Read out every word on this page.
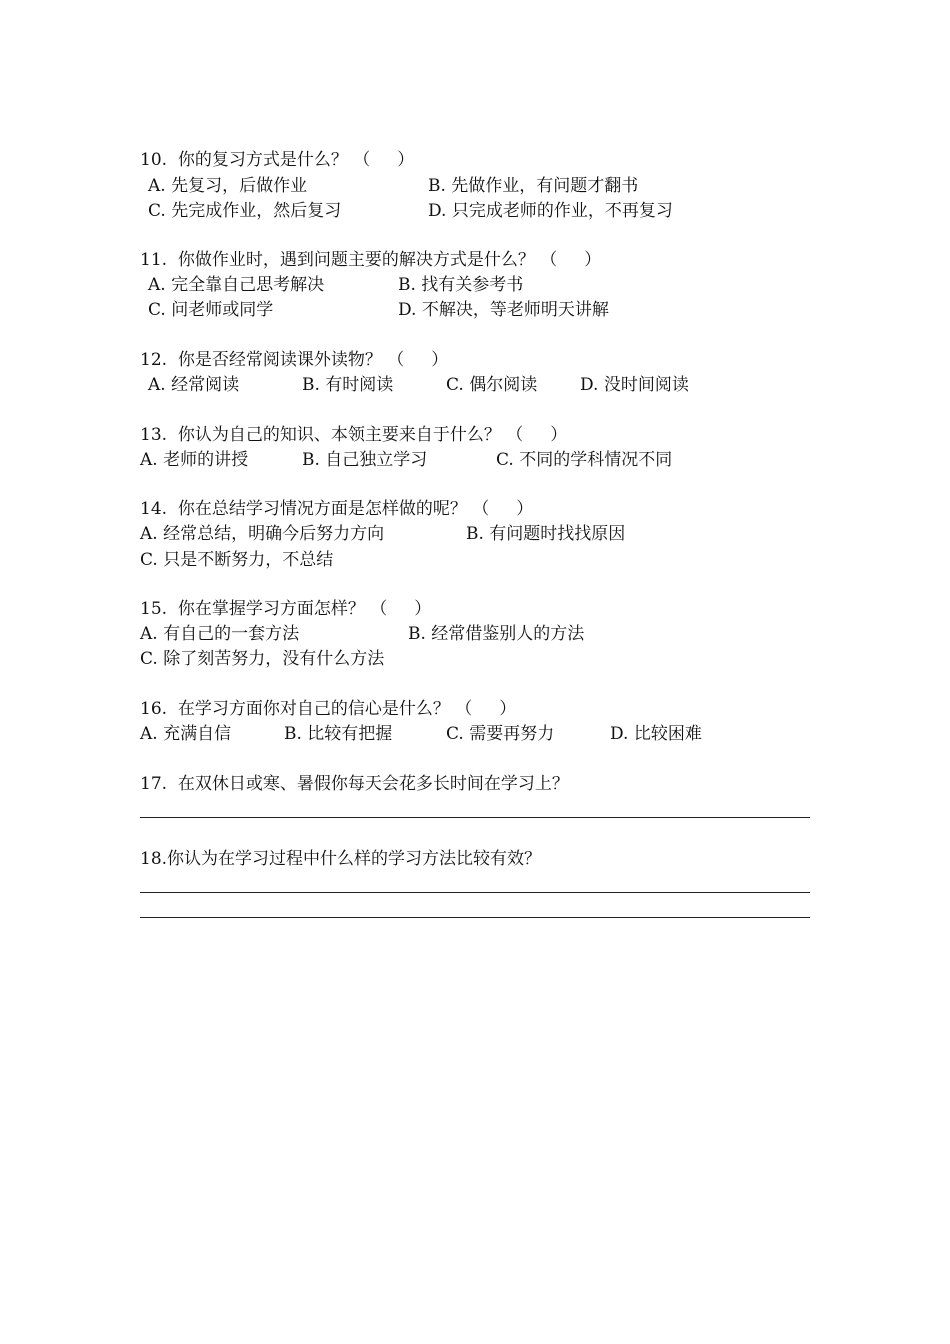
10.  你的复习方式是什么？ （     ）
A. 先复习，后做作业	B. 先做作业，有问题才翻书
C. 先完成作业，然后复习	D. 只完成老师的作业，不再复习
11.  你做作业时，遇到问题主要的解决方式是什么？ （     ）
A. 完全靠自己思考解决	B. 找有关参考书
C. 问老师或同学	D. 不解决，等老师明天讲解
12.  你是否经常阅读课外读物？ （     ）
A. 经常阅读	B. 有时阅读	C. 偶尔阅读	D. 没时间阅读
13.  你认为自己的知识、本领主要来自于什么？ （     ）
A. 老师的讲授	B. 自己独立学习	C. 不同的学科情况不同
14.  你在总结学习情况方面是怎样做的呢？ （     ）
A. 经常总结，明确今后努力方向	B. 有问题时找找原因
C. 只是不断努力，不总结
15.  你在掌握学习方面怎样？ （     ）
A. 有自己的一套方法	B. 经常借鉴别人的方法
C. 除了刻苦努力，没有什么方法
16.  在学习方面你对自己的信心是什么？ （     ）
A. 充满自信	B. 比较有把握	C. 需要再努力	D. 比较困难
17.  在双休日或寒、暑假你每天会花多长时间在学习上？
18.你认为在学习过程中什么样的学习方法比较有效？
